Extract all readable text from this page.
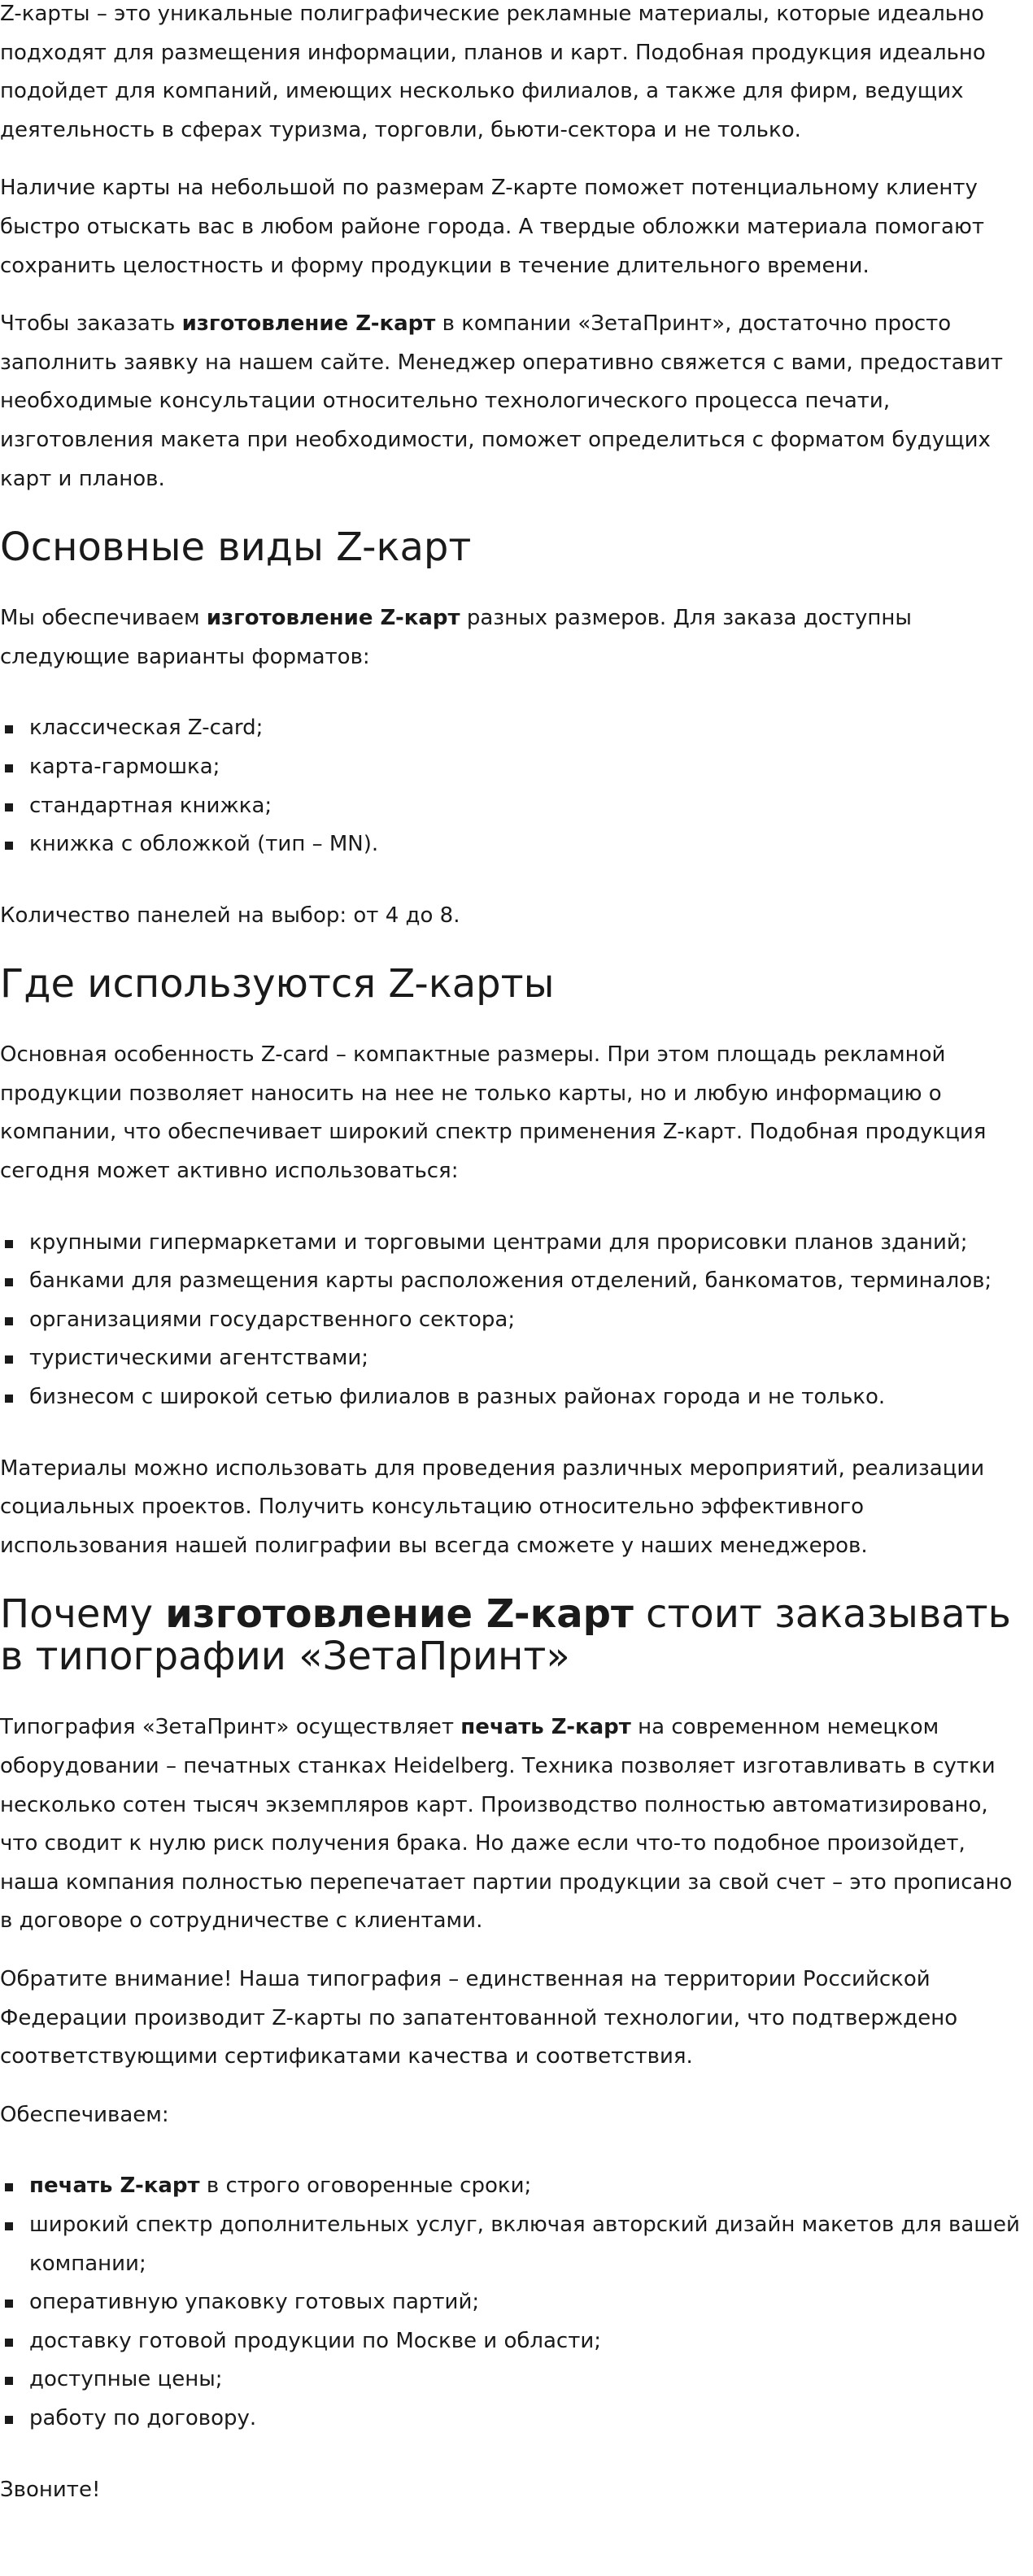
Z-карты – это уникальные полиграфические рекламные материалы, которые идеально подходят для размещения информации, планов и карт. Подобная продукция идеально подойдет для компаний, имеющих несколько филиалов, а также для фирм, ведущих деятельность в сферах туризма, торговли, бьюти-сектора и не только.

Наличие карты на небольшой по размерам Z-карте поможет потенциальному клиенту быстро отыскать вас в любом районе города. А твердые обложки материала помогают сохранить целостность и форму продукции в течение длительного времени.

Чтобы заказать изготовление Z-карт в компании «ЗетаПринт», достаточно просто заполнить заявку на нашем сайте. Менеджер оперативно свяжется с вами, предоставит необходимые консультации относительно технологического процесса печати, изготовления макета при необходимости, поможет определиться с форматом будущих карт и планов.

Основные виды Z-карт

Мы обеспечиваем изготовление Z-карт разных размеров. Для заказа доступны следующие варианты форматов:

классическая Z-card;
карта-гармошка;
стандартная книжка;
книжка с обложкой (тип – MN).

Количество панелей на выбор: от 4 до 8.

Где используются Z-карты

Основная особенность Z-card – компактные размеры. При этом площадь рекламной продукции позволяет наносить на нее не только карты, но и любую информацию о компании, что обеспечивает широкий спектр применения Z-карт. Подобная продукция сегодня может активно использоваться:

крупными гипермаркетами и торговыми центрами для прорисовки планов зданий;
банками для размещения карты расположения отделений, банкоматов, терминалов;
организациями государственного сектора;
туристическими агентствами;
бизнесом с широкой сетью филиалов в разных районах города и не только.

Материалы можно использовать для проведения различных мероприятий, реализации социальных проектов. Получить консультацию относительно эффективного использования нашей полиграфии вы всегда сможете у наших менеджеров.

Почему изготовление Z-карт стоит заказывать в типографии «ЗетаПринт»

Типография «ЗетаПринт» осуществляет печать Z-карт на современном немецком оборудовании – печатных станках Heidelberg. Техника позволяет изготавливать в сутки несколько сотен тысяч экземпляров карт. Производство полностью автоматизировано, что сводит к нулю риск получения брака. Но даже если что-то подобное произойдет, наша компания полностью перепечатает партии продукции за свой счет – это прописано в договоре о сотрудничестве с клиентами.

Обратите внимание! Наша типография – единственная на территории Российской Федерации производит Z-карты по запатентованной технологии, что подтверждено соответствующими сертификатами качества и соответствия.

Обеспечиваем:

печать Z-карт в строго оговоренные сроки;
широкий спектр дополнительных услуг, включая авторский дизайн макетов для вашей компании;
оперативную упаковку готовых партий;
доставку готовой продукции по Москве и области;
доступные цены;
работу по договору.

Звоните!
